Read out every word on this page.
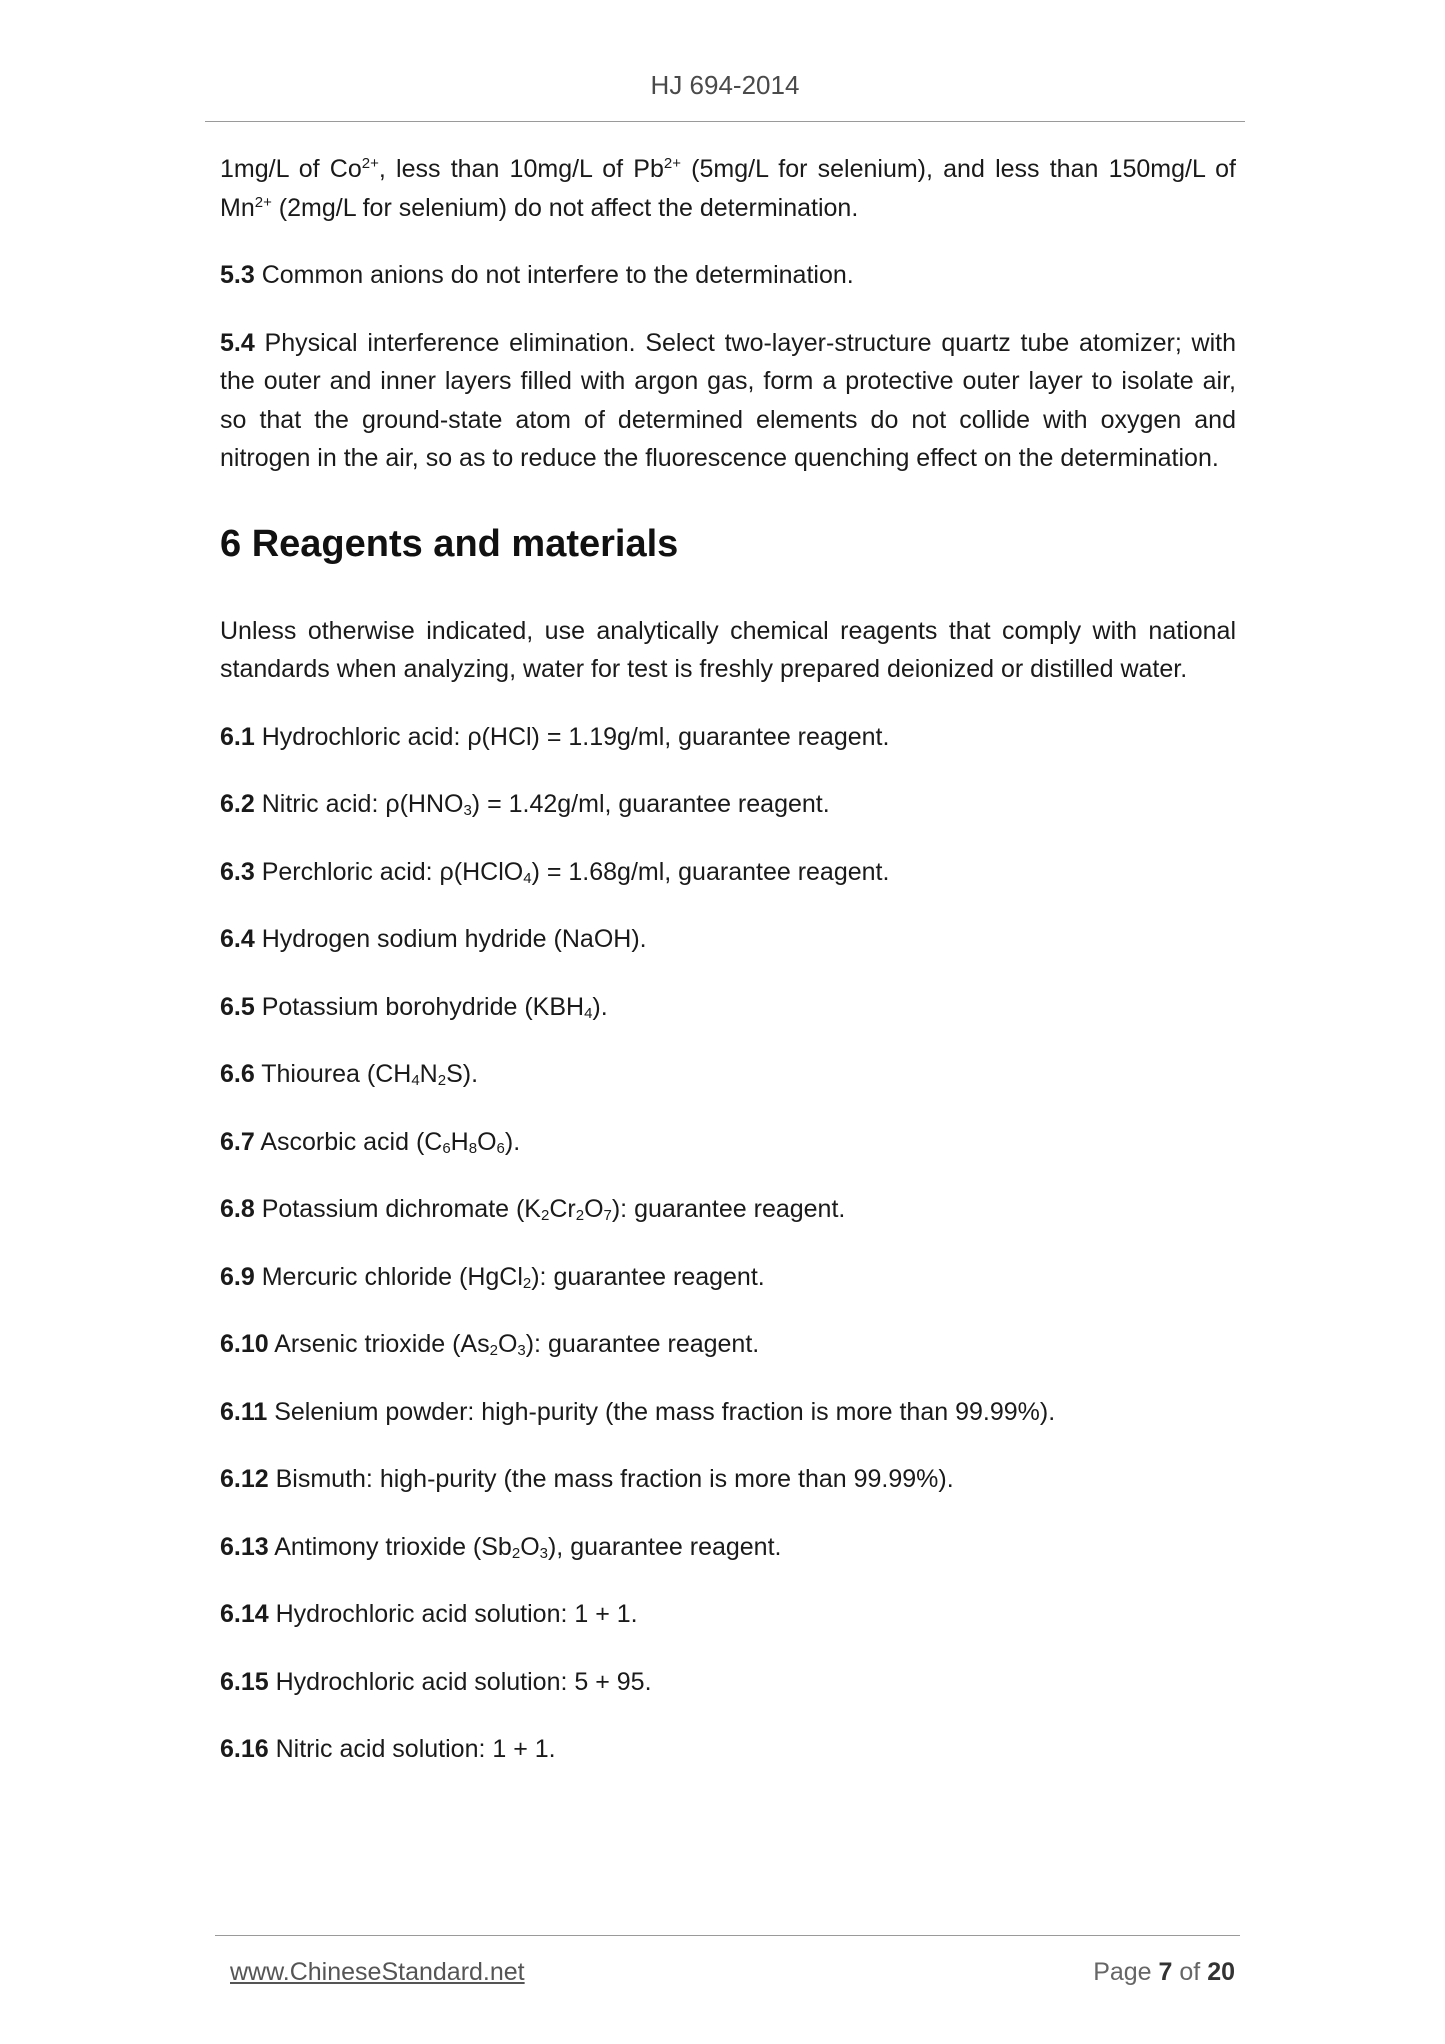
HJ 694-2014

1mg/L of $Co^{2+}$, less than 10mg/L of $Pb^{2+}$ (5mg/L for selenium), and less than 150mg/L of $Mn^{2+}$ (2mg/L for selenium) do not affect the determination.

5.3 Common anions do not interfere to the determination.

5.4 Physical interference elimination. Select two-layer-structure quartz tube atomizer; with the outer and inner layers filled with argon gas, form a protective outer layer to isolate air, so that the ground-state atom of determined elements do not collide with oxygen and nitrogen in the air, so as to reduce the fluorescence quenching effect on the determination.

6 Reagents and materials

Unless otherwise indicated, use analytically chemical reagents that comply with national standards when analyzing, water for test is freshly prepared deionized or distilled water.

6.1 Hydrochloric acid: ρ(HCl) = 1.19g/ml, guarantee reagent.

6.2 Nitric acid: $\rho(HNO_3) = 1.42g/ml$, guarantee reagent.

6.3 Perchloric acid: ρ(HClO$_4$) = 1.68g/ml, guarantee reagent.

6.4 Hydrogen sodium hydride (NaOH).

6.5 Potassium borohydride $(KBH_4)$.

6.6 Thiourea $(CH_4N_2S)$.

6.7 Ascorbic acid $(C_6H_8O_6)$.

6.8 Potassium dichromate $(K_2Cr_2O_7)$: guarantee reagent.

6.9 Mercuric chloride (HgCl$_2$): guarantee reagent.

6.10 Arsenic trioxide $(As_2O_3)$: guarantee reagent.

6.11 Selenium powder: high-purity (the mass fraction is more than 99.99%).

6.12 Bismuth: high-purity (the mass fraction is more than 99.99%).

6.13 Antimony trioxide $(Sb_2O_3)$, guarantee reagent.

6.14 Hydrochloric acid solution: 1 + 1.

6.15 Hydrochloric acid solution: 5 + 95.

6.16 Nitric acid solution: 1 + 1.

www.ChineseStandard.net	Page 7 of 20
